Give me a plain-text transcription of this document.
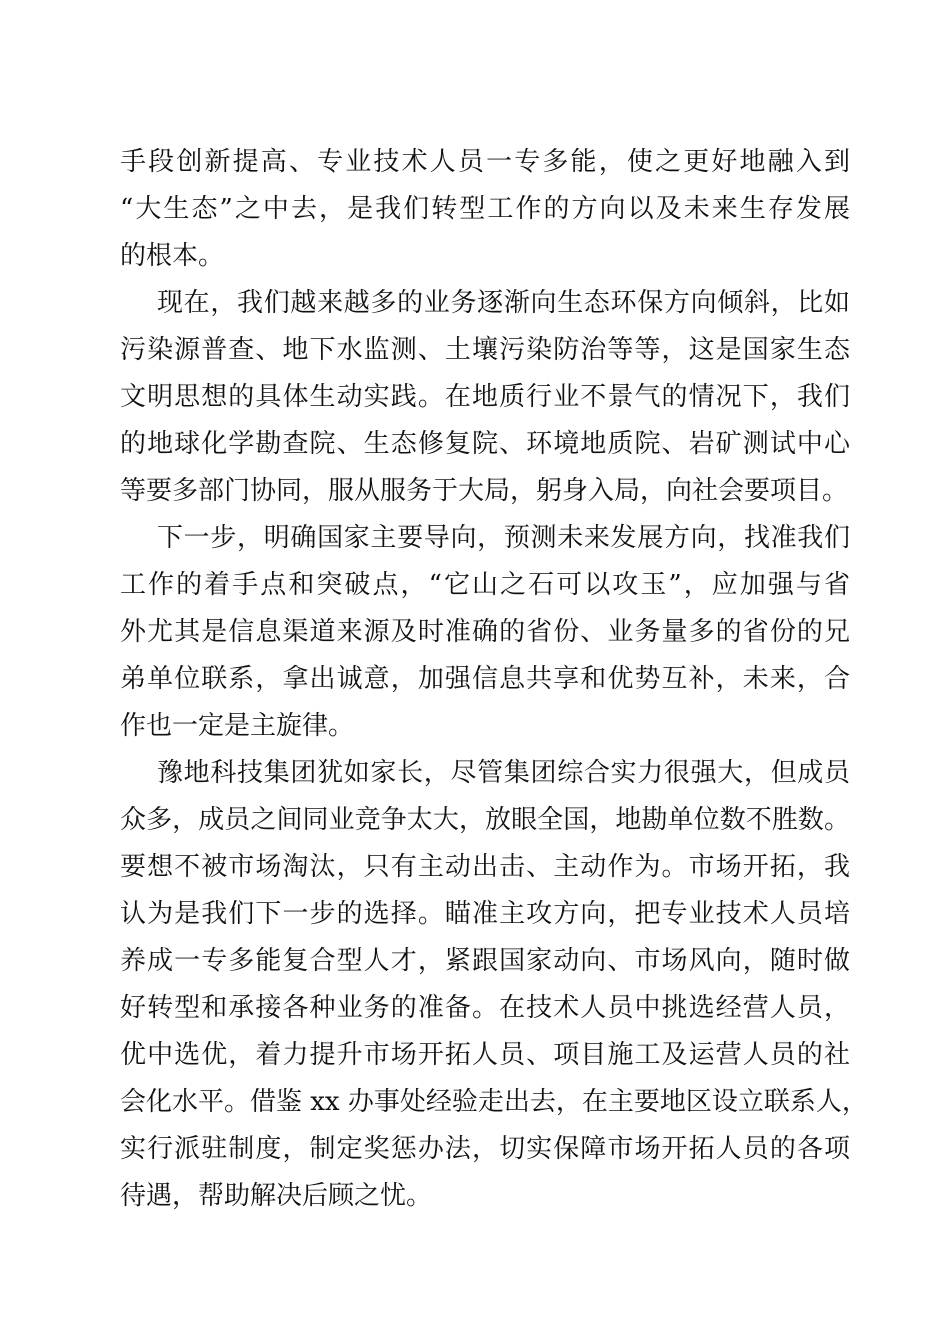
手段创新提高、专业技术人员一专多能，使之更好地融入到
“大生态”之中去，是我们转型工作的方向以及未来生存发展
的根本。
现在，我们越来越多的业务逐渐向生态环保方向倾斜，比如
污染源普查、地下水监测、土壤污染防治等等，这是国家生态
文明思想的具体生动实践。在地质行业不景气的情况下，我们
的地球化学勘查院、生态修复院、环境地质院、岩矿测试中心
等要多部门协同，服从服务于大局，躬身入局，向社会要项目。
下一步，明确国家主要导向，预测未来发展方向，找准我们
工作的着手点和突破点，“它山之石可以攻玉”，应加强与省
外尤其是信息渠道来源及时准确的省份、业务量多的省份的兄
弟单位联系，拿出诚意，加强信息共享和优势互补，未来，合
作也一定是主旋律。
豫地科技集团犹如家长，尽管集团综合实力很强大，但成员
众多，成员之间同业竞争太大，放眼全国，地勘单位数不胜数。
要想不被市场淘汰，只有主动出击、主动作为。市场开拓，我
认为是我们下一步的选择。瞄准主攻方向，把专业技术人员培
养成一专多能复合型人才，紧跟国家动向、市场风向，随时做
好转型和承接各种业务的准备。在技术人员中挑选经营人员，
优中选优，着力提升市场开拓人员、项目施工及运营人员的社
会化水平。借鉴 xx 办事处经验走出去，在主要地区设立联系人，
实行派驻制度，制定奖惩办法，切实保障市场开拓人员的各项
待遇，帮助解决后顾之忧。
